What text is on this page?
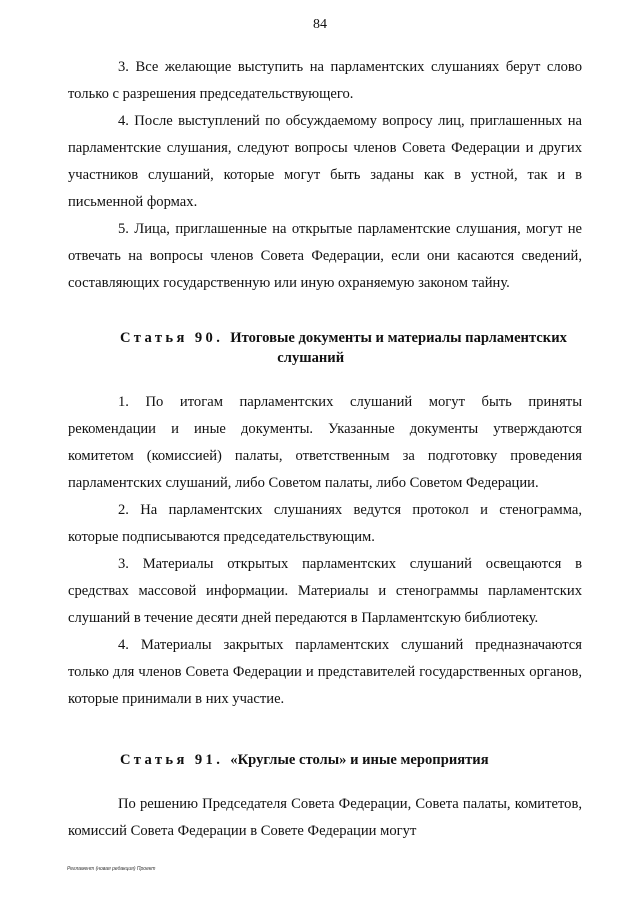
84

3. Все желающие выступить на парламентских слушаниях берут слово только с разрешения председательствующего.

4. После выступлений по обсуждаемому вопросу лиц, приглашенных на парламентские слушания, следуют вопросы членов Совета Федерации и других участников слушаний, которые могут быть заданы как в устной, так и в письменной формах.

5. Лица, приглашенные на открытые парламентские слушания, могут не отвечать на вопросы членов Совета Федерации, если они касаются сведений, составляющих государственную или иную охраняемую законом тайну.

Статья 90. Итоговые документы и материалы парламентских
слушаний

1. По итогам парламентских слушаний могут быть приняты рекомендации и иные документы. Указанные документы утверждаются комитетом (комиссией) палаты, ответственным за подготовку проведения парламентских слушаний, либо Советом палаты, либо Советом Федерации.

2. На парламентских слушаниях ведутся протокол и стенограмма, которые подписываются председательствующим.

3. Материалы открытых парламентских слушаний освещаются в средствах массовой информации. Материалы и стенограммы парламентских слушаний в течение десяти дней передаются в Парламентскую библиотеку.

4. Материалы закрытых парламентских слушаний предназначаются только для членов Совета Федерации и представителей государственных органов, которые принимали в них участие.

Статья 91. «Круглые столы» и иные мероприятия

По решению Председателя Совета Федерации, Совета палаты, комитетов, комиссий Совета Федерации в Совете Федерации могут

Регламент (новая редакция) Проект
